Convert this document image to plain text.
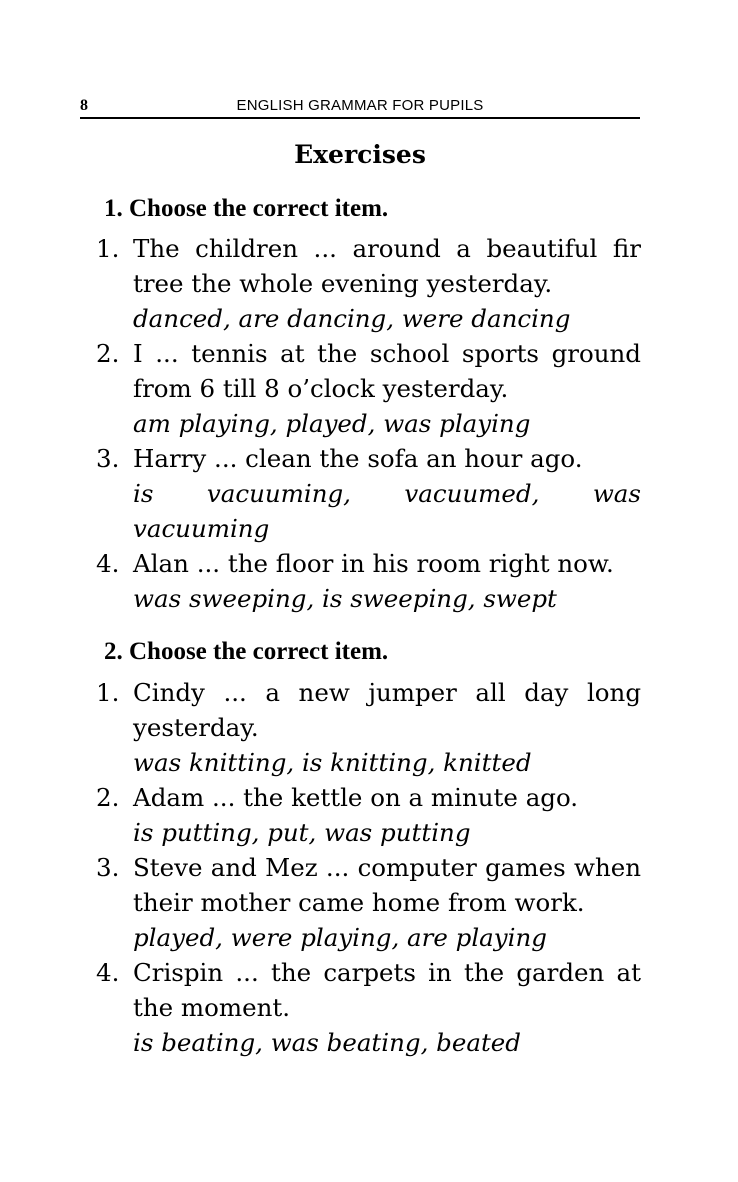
8	ENGLISH GRAMMAR FOR PUPILS
Exercises
1. Choose the correct item.
1. The children ... around a beautiful fir tree the whole evening yesterday.
danced, are dancing, were dancing
2. I ... tennis at the school sports ground from 6 till 8 o’clock yesterday.
am playing, played, was playing
3. Harry ... clean the sofa an hour ago.
is vacuuming, vacuumed, was vacuuming
4. Alan ... the floor in his room right now.
was sweeping, is sweeping, swept
2. Choose the correct item.
1. Cindy ... a new jumper all day long yesterday.
was knitting, is knitting, knitted
2. Adam ... the kettle on a minute ago.
is putting, put, was putting
3. Steve and Mez ... computer games when their mother came home from work.
played, were playing, are playing
4. Crispin ... the carpets in the garden at the moment.
is beating, was beating, beated
